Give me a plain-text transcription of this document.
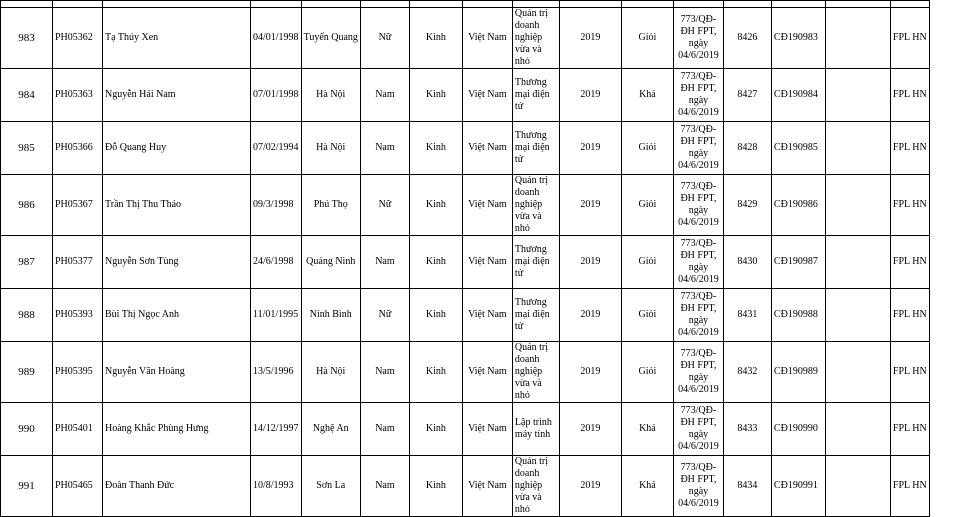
983	PH05362	Tạ Thúy Xen	04/01/1998	Tuyển Quang	Nữ	Kinh	Việt Nam	Quản trị doanh nghiệp vừa và nhỏ	2019	Giỏi	773/QĐ-ĐH FPT, ngày 04/6/2019	8426	CĐ190983		FPL HN
984	PH05363	Nguyễn Hải Nam	07/01/1998	Hà Nội	Nam	Kinh	Việt Nam	Thương mại điện tử	2019	Khá	773/QĐ-ĐH FPT, ngày 04/6/2019	8427	CĐ190984		FPL HN
985	PH05366	Đỗ Quang Huy	07/02/1994	Hà Nội	Nam	Kinh	Việt Nam	Thương mại điện tử	2019	Giỏi	773/QĐ-ĐH FPT, ngày 04/6/2019	8428	CĐ190985		FPL HN
986	PH05367	Trần Thị Thu Thảo	09/3/1998	Phú Thọ	Nữ	Kinh	Việt Nam	Quản trị doanh nghiệp vừa và nhỏ	2019	Giỏi	773/QĐ-ĐH FPT, ngày 04/6/2019	8429	CĐ190986		FPL HN
987	PH05377	Nguyễn Sơn Tùng	24/6/1998	Quảng Ninh	Nam	Kinh	Việt Nam	Thương mại điện tử	2019	Giỏi	773/QĐ-ĐH FPT, ngày 04/6/2019	8430	CĐ190987		FPL HN
988	PH05393	Bùi Thị Ngọc Anh	11/01/1995	Ninh Bình	Nữ	Kinh	Việt Nam	Thương mại điện tử	2019	Giỏi	773/QĐ-ĐH FPT, ngày 04/6/2019	8431	CĐ190988		FPL HN
989	PH05395	Nguyễn Văn Hoàng	13/5/1996	Hà Nội	Nam	Kinh	Việt Nam	Quản trị doanh nghiệp vừa và nhỏ	2019	Giỏi	773/QĐ-ĐH FPT, ngày 04/6/2019	8432	CĐ190989		FPL HN
990	PH05401	Hoàng Khắc Phùng Hưng	14/12/1997	Nghệ An	Nam	Kinh	Việt Nam	Lập trình máy tính	2019	Khá	773/QĐ-ĐH FPT, ngày 04/6/2019	8433	CĐ190990		FPL HN
991	PH05465	Đoàn Thanh Đức	10/8/1993	Sơn La	Nam	Kinh	Việt Nam	Quản trị doanh nghiệp vừa và nhỏ	2019	Khá	773/QĐ-ĐH FPT, ngày 04/6/2019	8434	CĐ190991		FPL HN
